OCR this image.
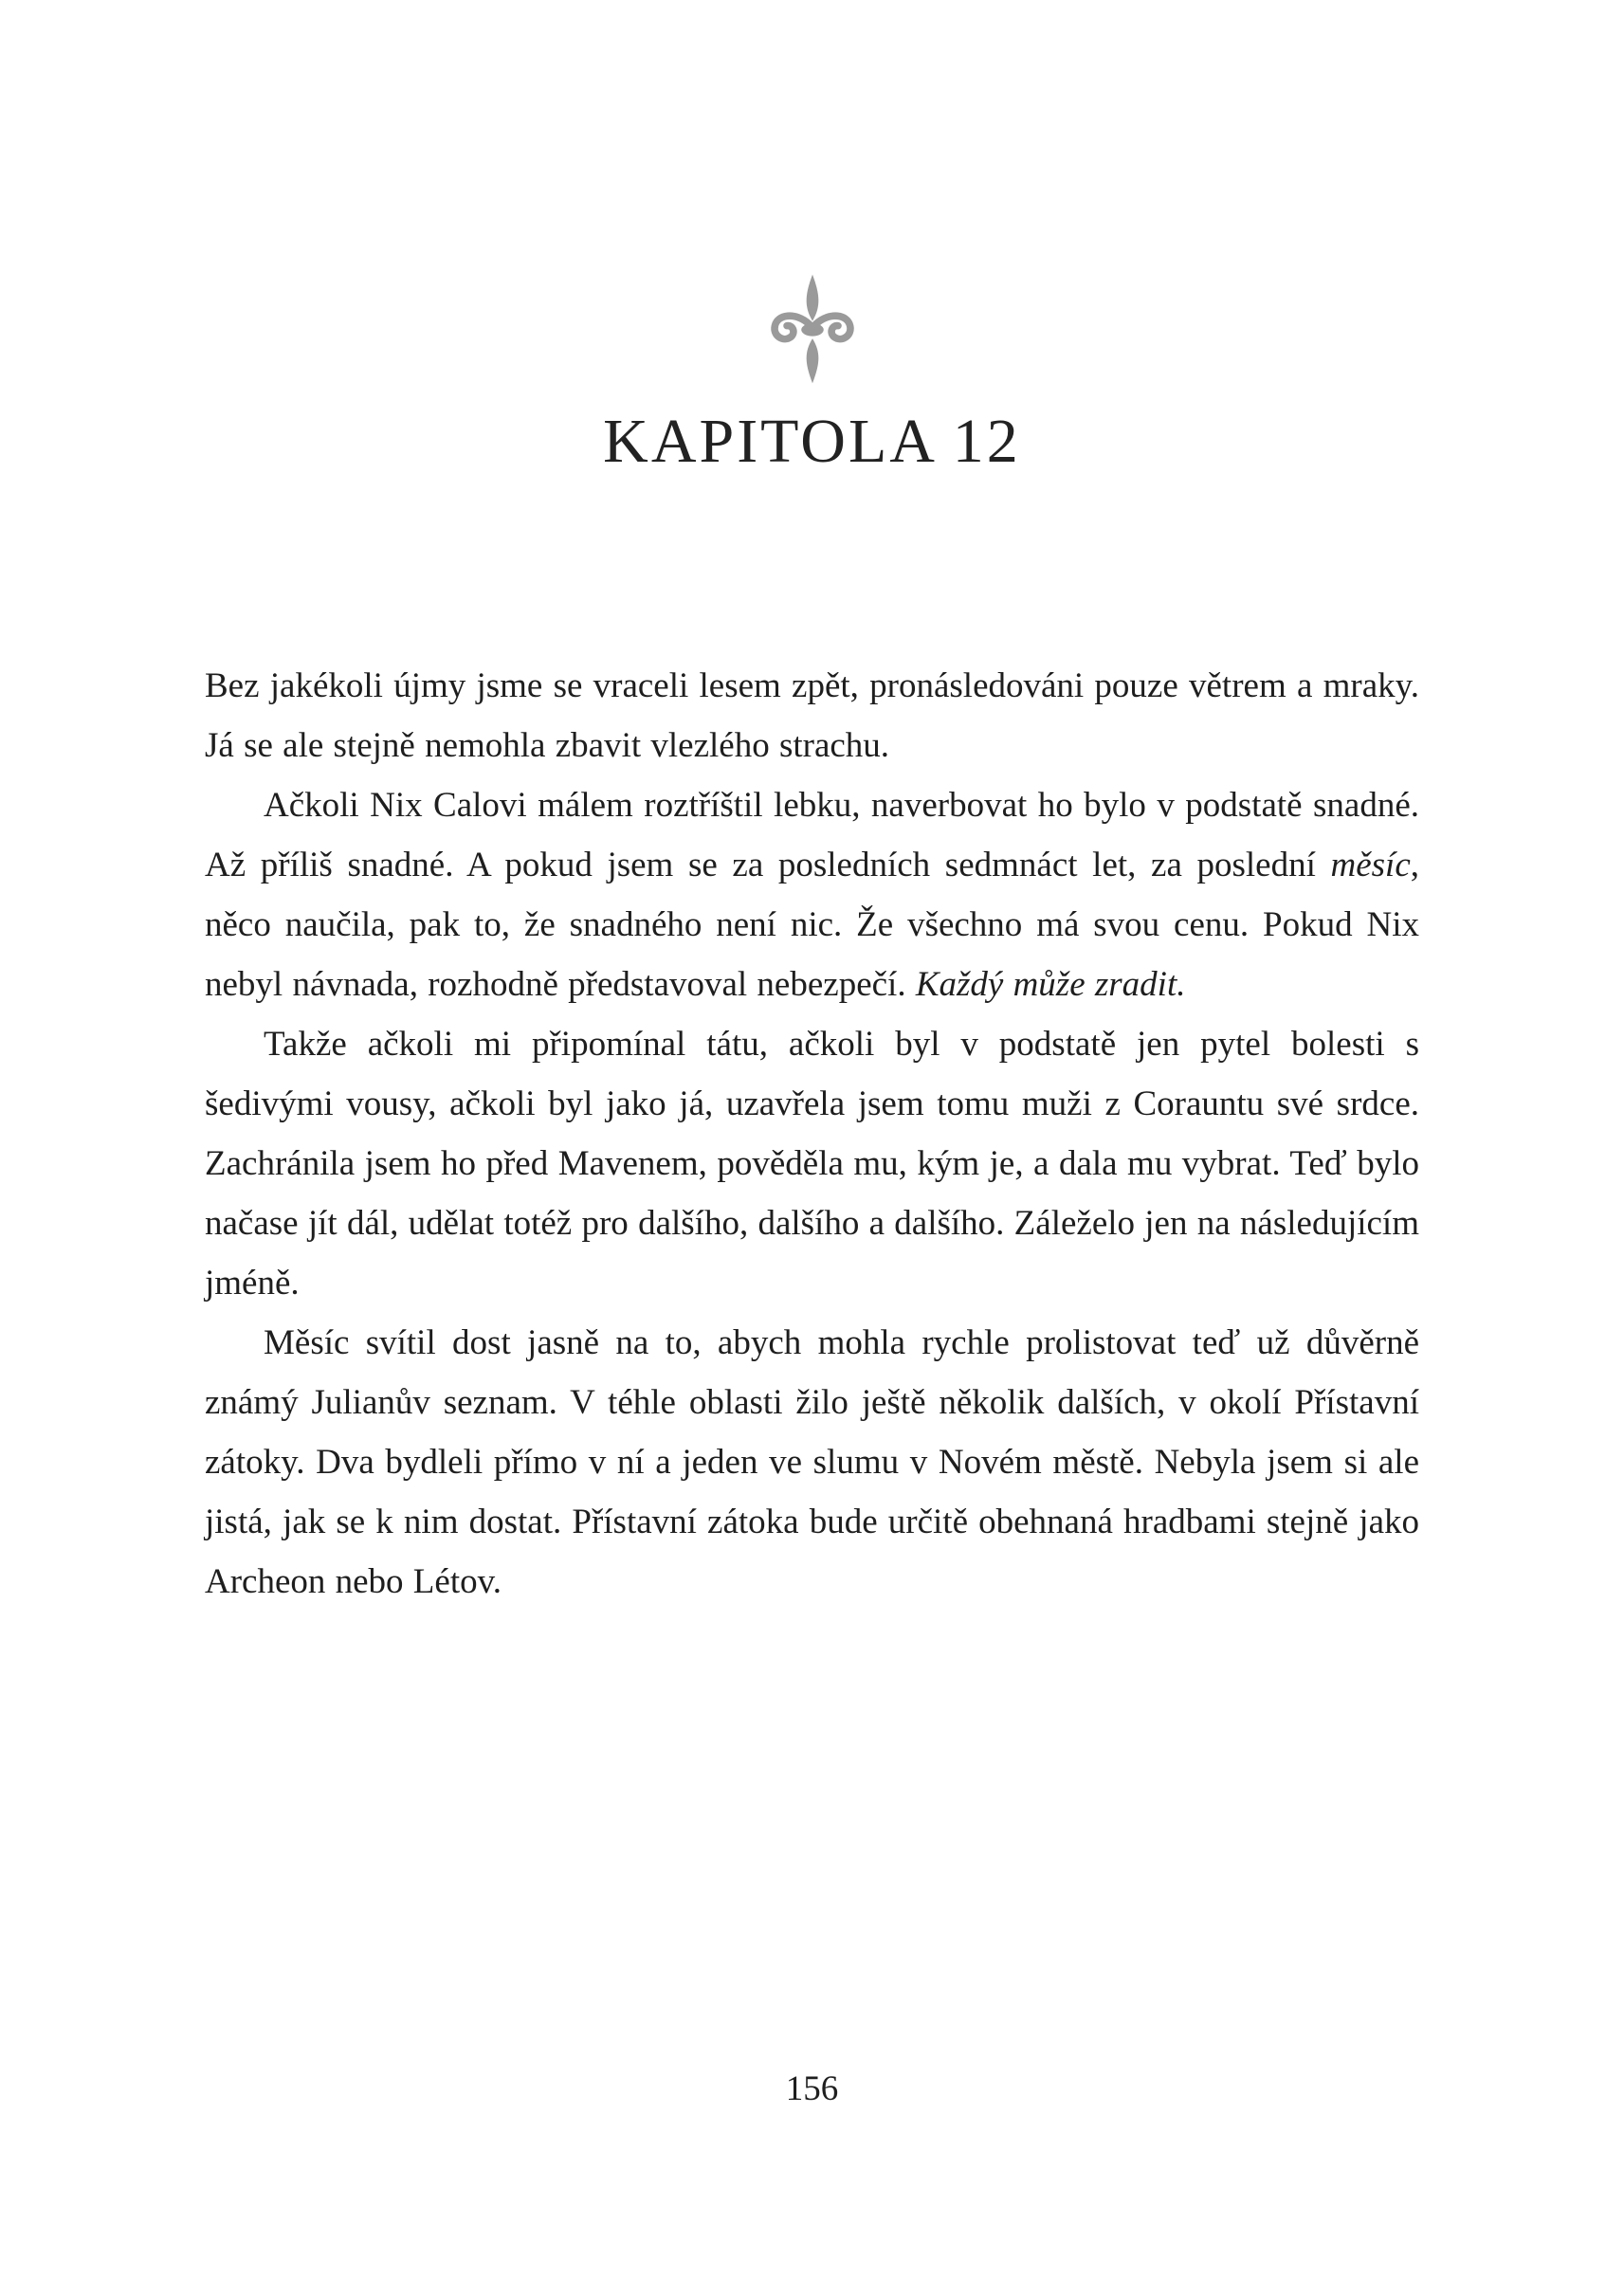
KAPITOLA 12

Bez jakékoli újmy jsme se vraceli lesem zpět, pronásledováni pouze větrem a mraky. Já se ale stejně nemohla zbavit vlezlého strachu.

Ačkoli Nix Calovi málem roztříštil lebku, naverbovat ho bylo v podstatě snadné. Až příliš snadné. A pokud jsem se za posledních sedmnáct let, za poslední měsíc, něco naučila, pak to, že snadného není nic. Že všechno má svou cenu. Pokud Nix nebyl návnada, rozhodně představoval nebezpečí. Každý může zradit.

Takže ačkoli mi připomínal tátu, ačkoli byl v podstatě jen pytel bolesti s šedivými vousy, ačkoli byl jako já, uzavřela jsem tomu muži z Corauntu své srdce. Zachránila jsem ho před Mavenem, pověděla mu, kým je, a dala mu vybrat. Teď bylo načase jít dál, udělat totéž pro dalšího, dalšího a dalšího. Záleželo jen na následujícím jméně.

Měsíc svítil dost jasně na to, abych mohla rychle prolistovat teď už důvěrně známý Julianův seznam. V téhle oblasti žilo ještě několik dalších, v okolí Přístavní zátoky. Dva bydleli přímo v ní a jeden ve slumu v Novém městě. Nebyla jsem si ale jistá, jak se k nim dostat. Přístavní zátoka bude určitě obehnaná hradbami stejně jako Archeon nebo Létov.

156
